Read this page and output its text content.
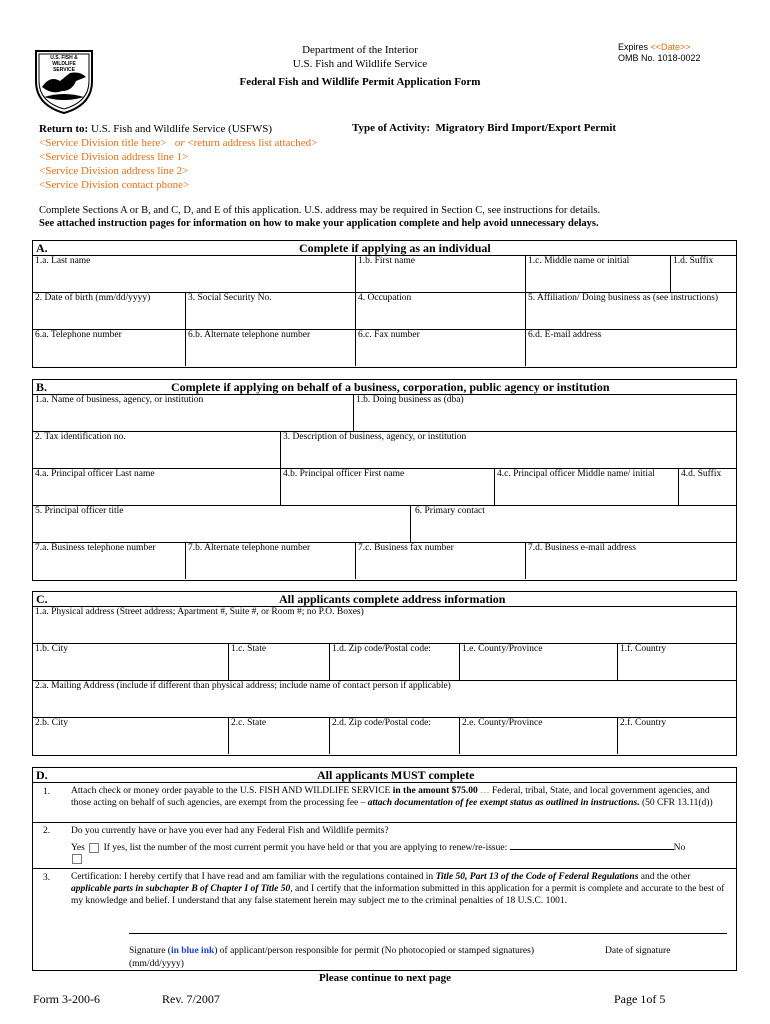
U.S. FISH & WILDLIFE SERVICE
Department of the Interior
U.S. Fish and Wildlife Service
Federal Fish and Wildlife Permit Application Form
Expires <<Date>>
OMB No. 1018-0022
Return to: U.S. Fish and Wildlife Service (USFWS)
<Service Division title here> or <return address list attached>
<Service Division address line 1>
<Service Division address line 2>
<Service Division contact phone>
Type of Activity: Migratory Bird Import/Export Permit
Complete Sections A or B, and C, D, and E of this application. U.S. address may be required in Section C, see instructions for details.
See attached instruction pages for information on how to make your application complete and help avoid unnecessary delays.
A.	Complete if applying as an individual
1.a. Last name	1.b. First name	1.c. Middle name or initial	1.d. Suffix
2. Date of birth (mm/dd/yyyy)	3. Social Security No.	4. Occupation	5. Affiliation/ Doing business as (see instructions)
6.a. Telephone number	6.b. Alternate telephone number	6.c. Fax number	6.d. E-mail address
B.	Complete if applying on behalf of a business, corporation, public agency or institution
1.a. Name of business, agency, or institution	1.b. Doing business as (dba)
2. Tax identification no.	3. Description of business, agency, or institution
4.a. Principal officer Last name	4.b. Principal officer First name	4.c. Principal officer Middle name/ initial	4.d. Suffix
5. Principal officer title	6. Primary contact
7.a. Business telephone number	7.b. Alternate telephone number	7.c. Business fax number	7.d. Business e-mail address
C.	All applicants complete address information
1.a. Physical address (Street address; Apartment #, Suite #, or Room #; no P.O. Boxes)
1.b. City	1.c. State	1.d. Zip code/Postal code:	1.e. County/Province	1.f. Country
2.a. Mailing Address (include if different than physical address; include name of contact person if applicable)
2.b. City	2.c. State	2.d. Zip code/Postal code:	2.e. County/Province	2.f. Country
D.	All applicants MUST complete
1. Attach check or money order payable to the U.S. FISH AND WILDLIFE SERVICE in the amount $75.00 … Federal, tribal, State, and local government agencies, and those acting on behalf of such agencies, are exempt from the processing fee – attach documentation of fee exempt status as outlined in instructions. (50 CFR 13.11(d))
2. Do you currently have or have you ever had any Federal Fish and Wildlife permits?
Yes If yes, list the number of the most current permit you have held or that you are applying to renew/re-issue:	No
3. Certification: I hereby certify that I have read and am familiar with the regulations contained in Title 50, Part 13 of the Code of Federal Regulations and the other applicable parts in subchapter B of Chapter I of Title 50, and I certify that the information submitted in this application for a permit is complete and accurate to the best of my knowledge and belief. I understand that any false statement herein may subject me to the criminal penalties of 18 U.S.C. 1001.
Signature (in blue ink) of applicant/person responsible for permit (No photocopied or stamped signatures)	Date of signature
(mm/dd/yyyy)
Please continue to next page
Form 3-200-6	Rev. 7/2007	Page 1of 5
